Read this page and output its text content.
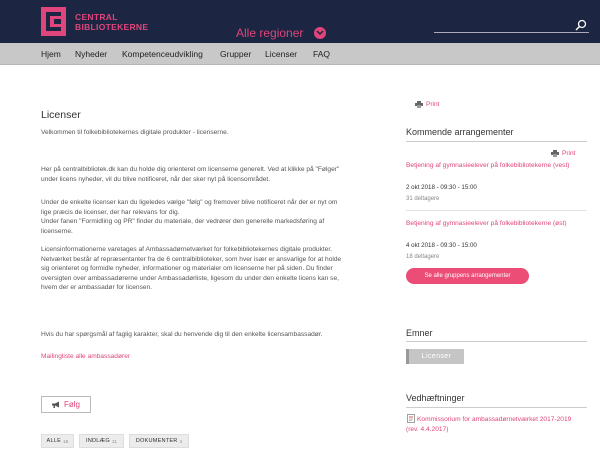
CENTRAL
BIBLIOTEKERNE	Alle regioner
Hjem Nyheder Kompetenceudvikling Grupper Licenser FAQ
Licenser
Velkommen til folkebibliotekernes digitale produkter - licenserne.
Her på centralbibliotek.dk kan du holde dig orienteret om licenserne generelt. Ved at klikke på "Følger"
under licens nyheder, vil du blive notificeret, når der sker nyt på licensområdet.
Under de enkelte licenser kan du ligeledes vælge "følg" og fremover blive notificeret når der er nyt om
lige præcis de licenser, der har relevans for dig.
Under fanen "Formidling og PR" finder du materiale, der vedrører den generelle markedsføring af
licenserne.
Licensinformationerne varetages af Ambassadørnetværket for folkebibliotekernes digitale produkter.
Netværket består af repræsentanter fra de 6 centralbiblioteker, som hver især er ansvarlige for at holde
sig orienteret og formidle nyheder, informationer og materialer om licenserne her på siden. Du finder
oversigten over ambassadørerne under Ambassadørliste, ligesom du under den enkelte licens kan se,
hvem der er ambassadør for licensen.
Hvis du har spørgsmål af faglig karakter, skal du henvende dig til den enkelte licensambassadør.
Mailingliste alle ambassadører
Følg
ALLE 15	INDLÆG 11	DOKUMENTER 4
Print
Kommende arrangementer
Print
Betjening af gymnasieelever på folkebibliotekerne (vest)
2 okt 2018 - 09:30 - 15:00
31 deltagere
Betjening af gymnasieelever på folkebibliotekerne (øst)
4 okt 2018 - 09:30 - 15:00
18 deltagere
Se alle gruppens arrangementer
Emner
Licenser
Vedhæftninger
Kommissorium for ambassadørnetværket 2017-2019 (rev. 4.4.2017)
